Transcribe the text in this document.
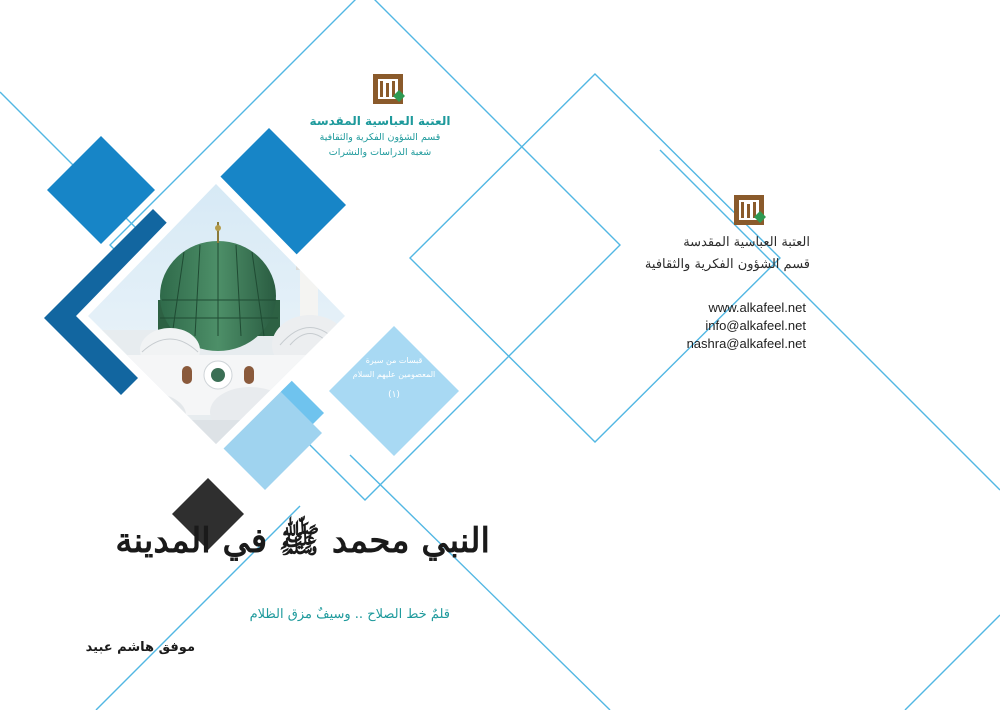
العتبة العباسية المقدسة
قسم الشؤون الفكرية والثقافية
شعبة الدراسات والنشرات
قبسات من سيرة
المعصومين عليهم السلام
(١)
النبي محمد ﷺ في المدينة
قلمٌ خط الصلاح .. وسيفٌ مزق الظلام
موفق هاشم عبيد
العتبة العباسية المقدسة
قسم الشؤون الفكرية والثقافية
www.alkafeel.net
info@alkafeel.net
nashra@alkafeel.net
